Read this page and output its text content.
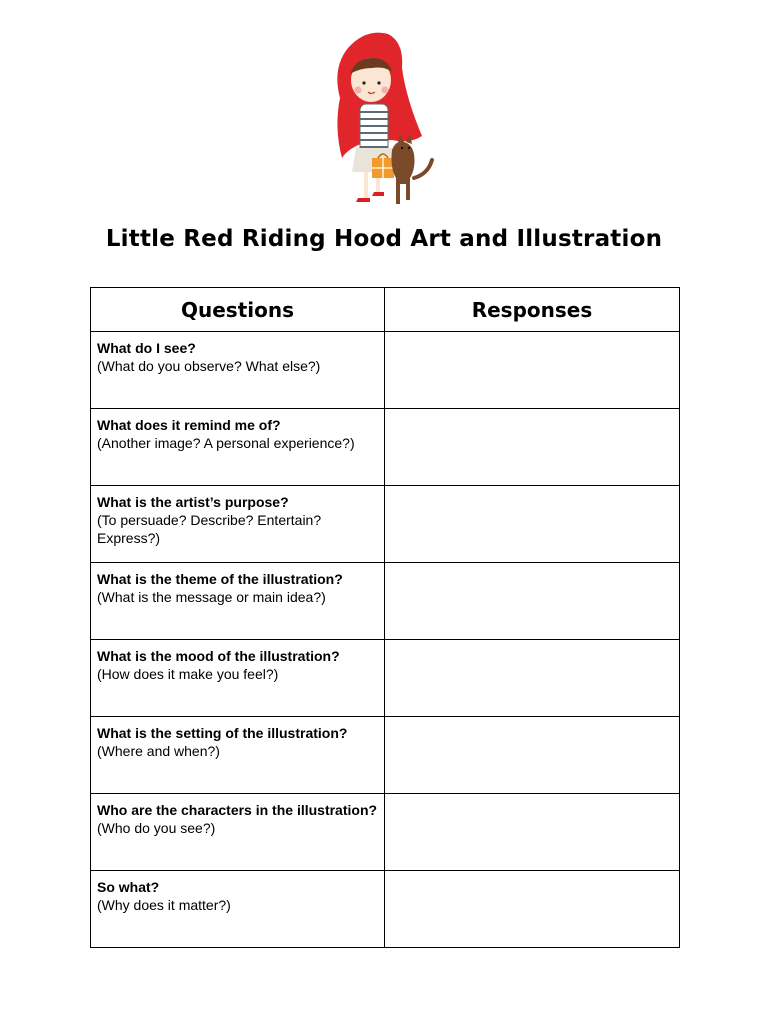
Little Red Riding Hood Art and Illustration
Questions	Responses

What do I see?
(What do you observe? What else?)	

What does it remind me of?
(Another image? A personal experience?)	

What is the artist’s purpose?
(To persuade? Describe? Entertain? Express?)	

What is the theme of the illustration?
(What is the message or main idea?)	

What is the mood of the illustration?
(How does it make you feel?)	

What is the setting of the illustration?
(Where and when?)	

Who are the characters in the illustration?
(Who do you see?)	

So what?
(Why does it matter?)	
